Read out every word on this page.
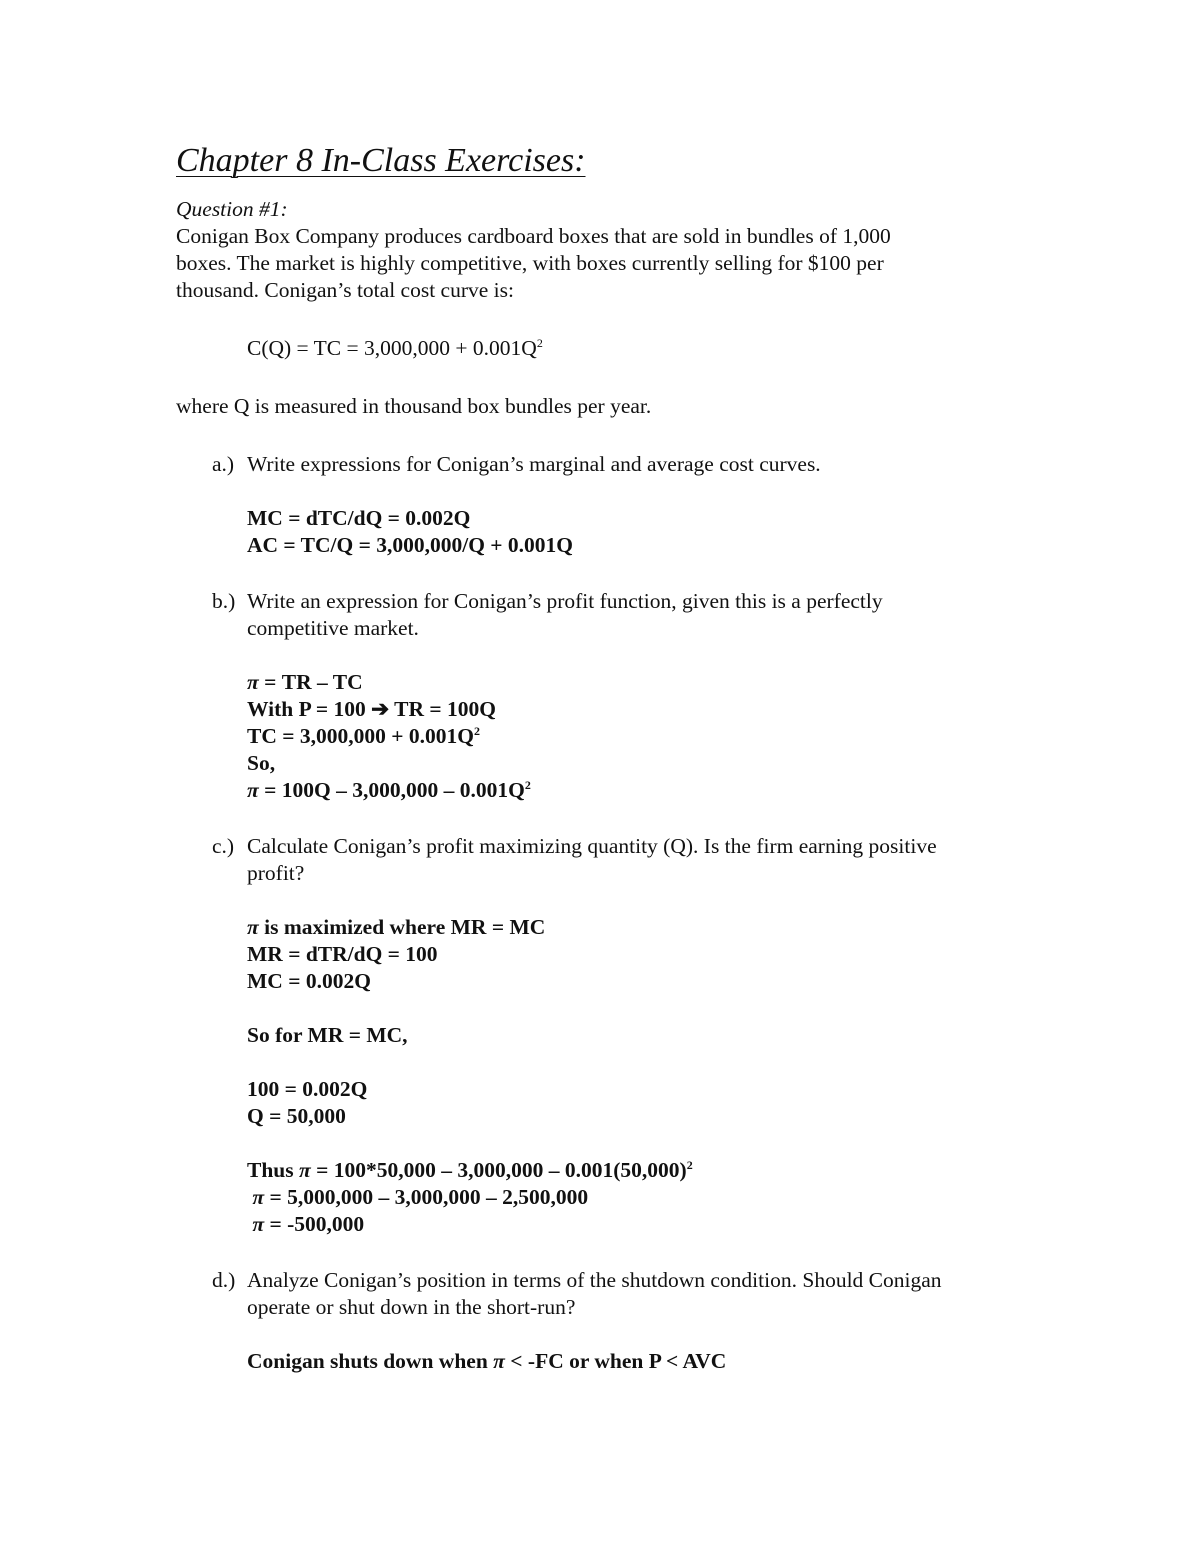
Chapter 8 In-Class Exercises:
Question #1:
Conigan Box Company produces cardboard boxes that are sold in bundles of 1,000
boxes. The market is highly competitive, with boxes currently selling for $100 per
thousand. Conigan’s total cost curve is:
C(Q) = TC = $3,000,000 + 0.001Q^2$
where Q is measured in thousand box bundles per year.
a.) Write expressions for Conigan’s marginal and average cost curves.
MC = dTC/dQ = 0.002Q
AC = TC/Q = 3,000,000/Q + 0.001Q
b.) Write an expression for Conigan’s profit function, given this is a perfectly
competitive market.
π = TR – TC
With P = 100 ➔ TR = 100Q
TC = $3,000,000 + 0.001Q^2$
So,
$\pi = 100Q - 3,000,000 - 0.001Q^2$
c.) Calculate Conigan’s profit maximizing quantity (Q). Is the firm earning positive
profit?
π is maximized where MR = MC
MR = dTR/dQ = 100
MC = 0.002Q
So for MR = MC,
100 = 0.002Q
Q = 50,000
Thus $\pi = 100*50,000 - 3,000,000 - 0.001(50,000)^2$
π = 5,000,000 – 3,000,000 – 2,500,000
π = -500,000
d.) Analyze Conigan’s position in terms of the shutdown condition. Should Conigan
operate or shut down in the short-run?
Conigan shuts down when π < -FC or when P < AVC
